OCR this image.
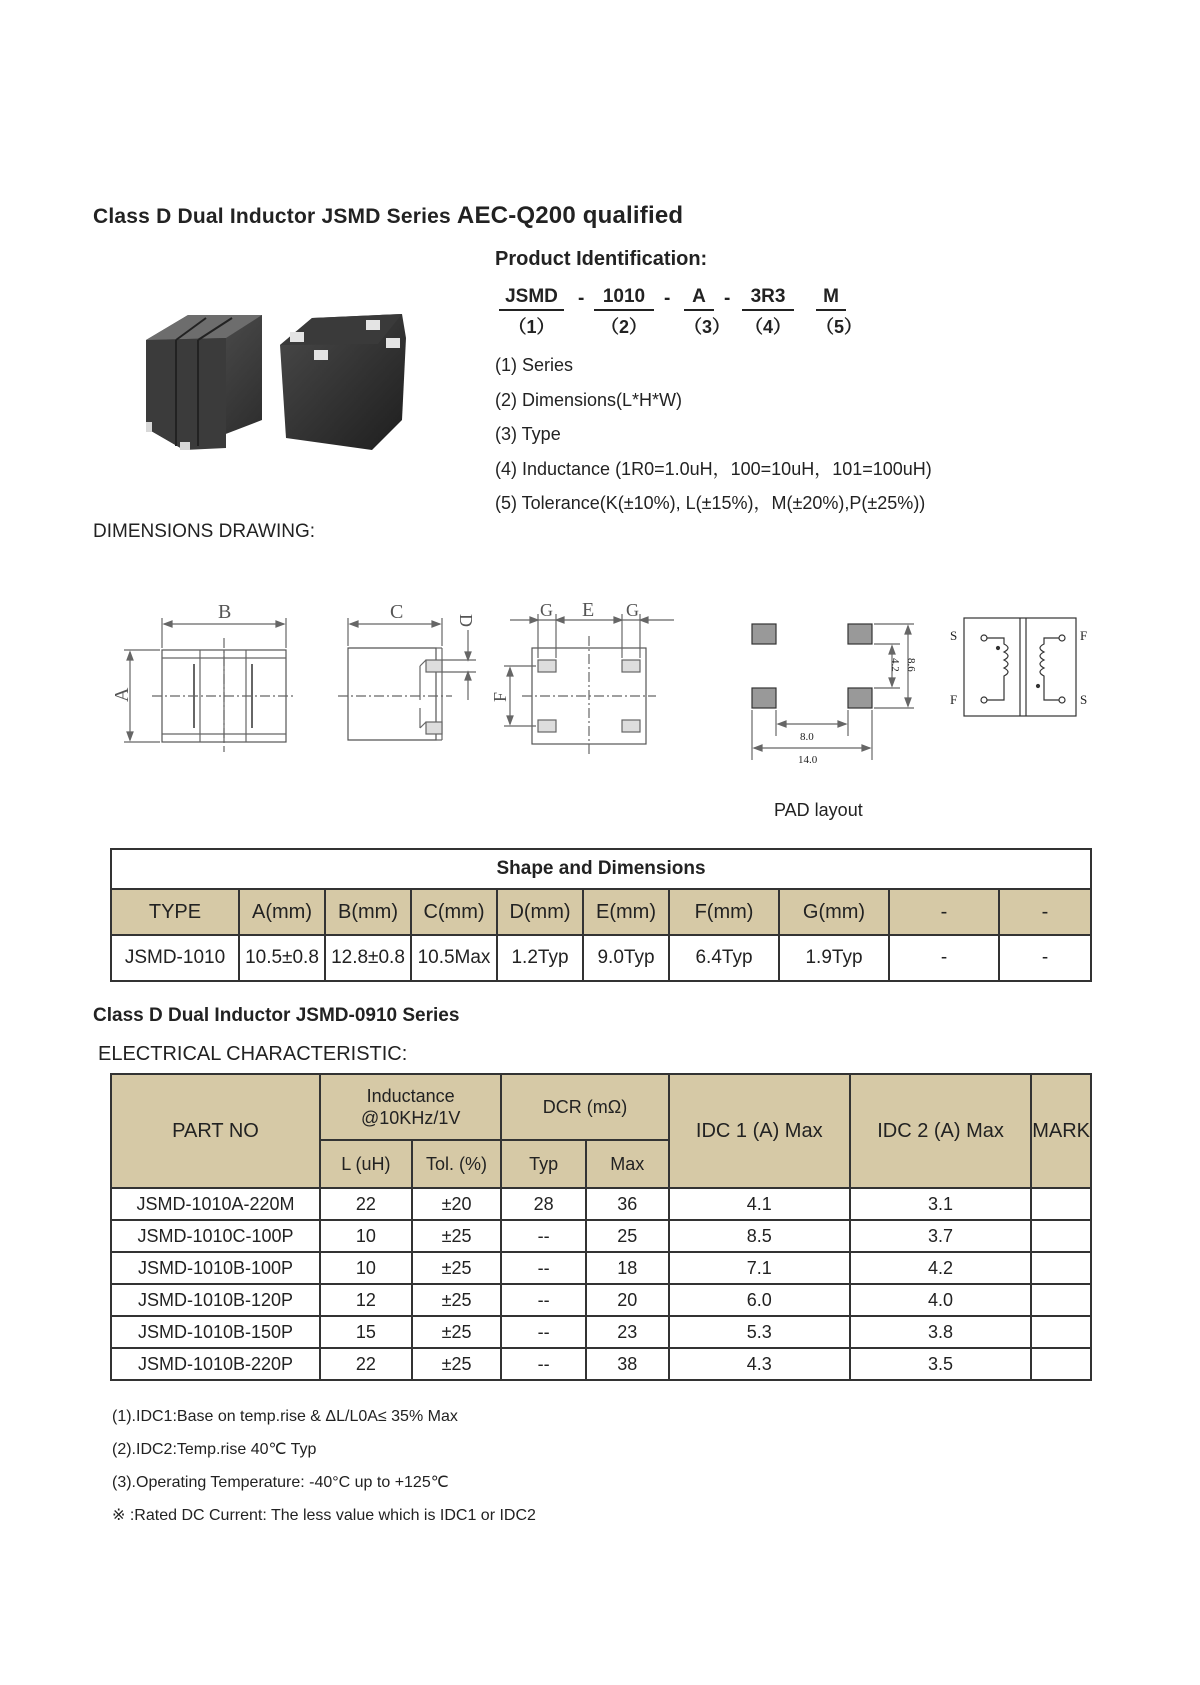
Class D Dual Inductor JSMD Series AEC-Q200 qualified
Product Identification:
JSMD
（1）
- 1010
（2）
-	A
（3）
-	3R3
（4）
M
（5）
(1) Series
(2) Dimensions(L*H*W)
(3) Type
(4) Inductance (1R0=1.0uH，100=10uH，101=100uH)
(5) Tolerance(K(±10%), L(±15%)，M(±20%),P(±25%))
DIMENSIONS DRAWING:
B
A
C	D
G E G
F
8.0
14.0
4.2 8.6
S	F
F	S
PAD layout
Shape and Dimensions									
TYPE	A(mm)	B(mm)	C(mm)	D(mm)	E(mm)	F(mm)	G(mm)	-	-
JSMD-1010	10.5±0.8	12.8±0.8	10.5Max	1.2Typ	9.0Typ	6.4Typ	1.9Typ	-	-
Class D Dual Inductor JSMD-0910 Series
ELECTRICAL CHARACTERISTIC:
PART NO	Inductance @10KHz/1V		DCR (mΩ)		IDC 1 (A) Max	IDC 2 (A) Max	MARK
	L (uH)	Tol. (%)	Typ	Max			
JSMD-1010A-220M	22	±20	28	36	4.1	3.1	
JSMD-1010C-100P	10	±25	--	25	8.5	3.7	
JSMD-1010B-100P	10	±25	--	18	7.1	4.2	
JSMD-1010B-120P	12	±25	--	20	6.0	4.0	
JSMD-1010B-150P	15	±25	--	23	5.3	3.8	
JSMD-1010B-220P	22	±25	--	38	4.3	3.5	
(1).IDC1:Base on temp.rise & ΔL/L0A≤ 35% Max
(2).IDC2:Temp.rise 40℃ Typ
(3).Operating Temperature: -40°C up to +125℃
※ :Rated DC Current: The less value which is IDC1 or IDC2
